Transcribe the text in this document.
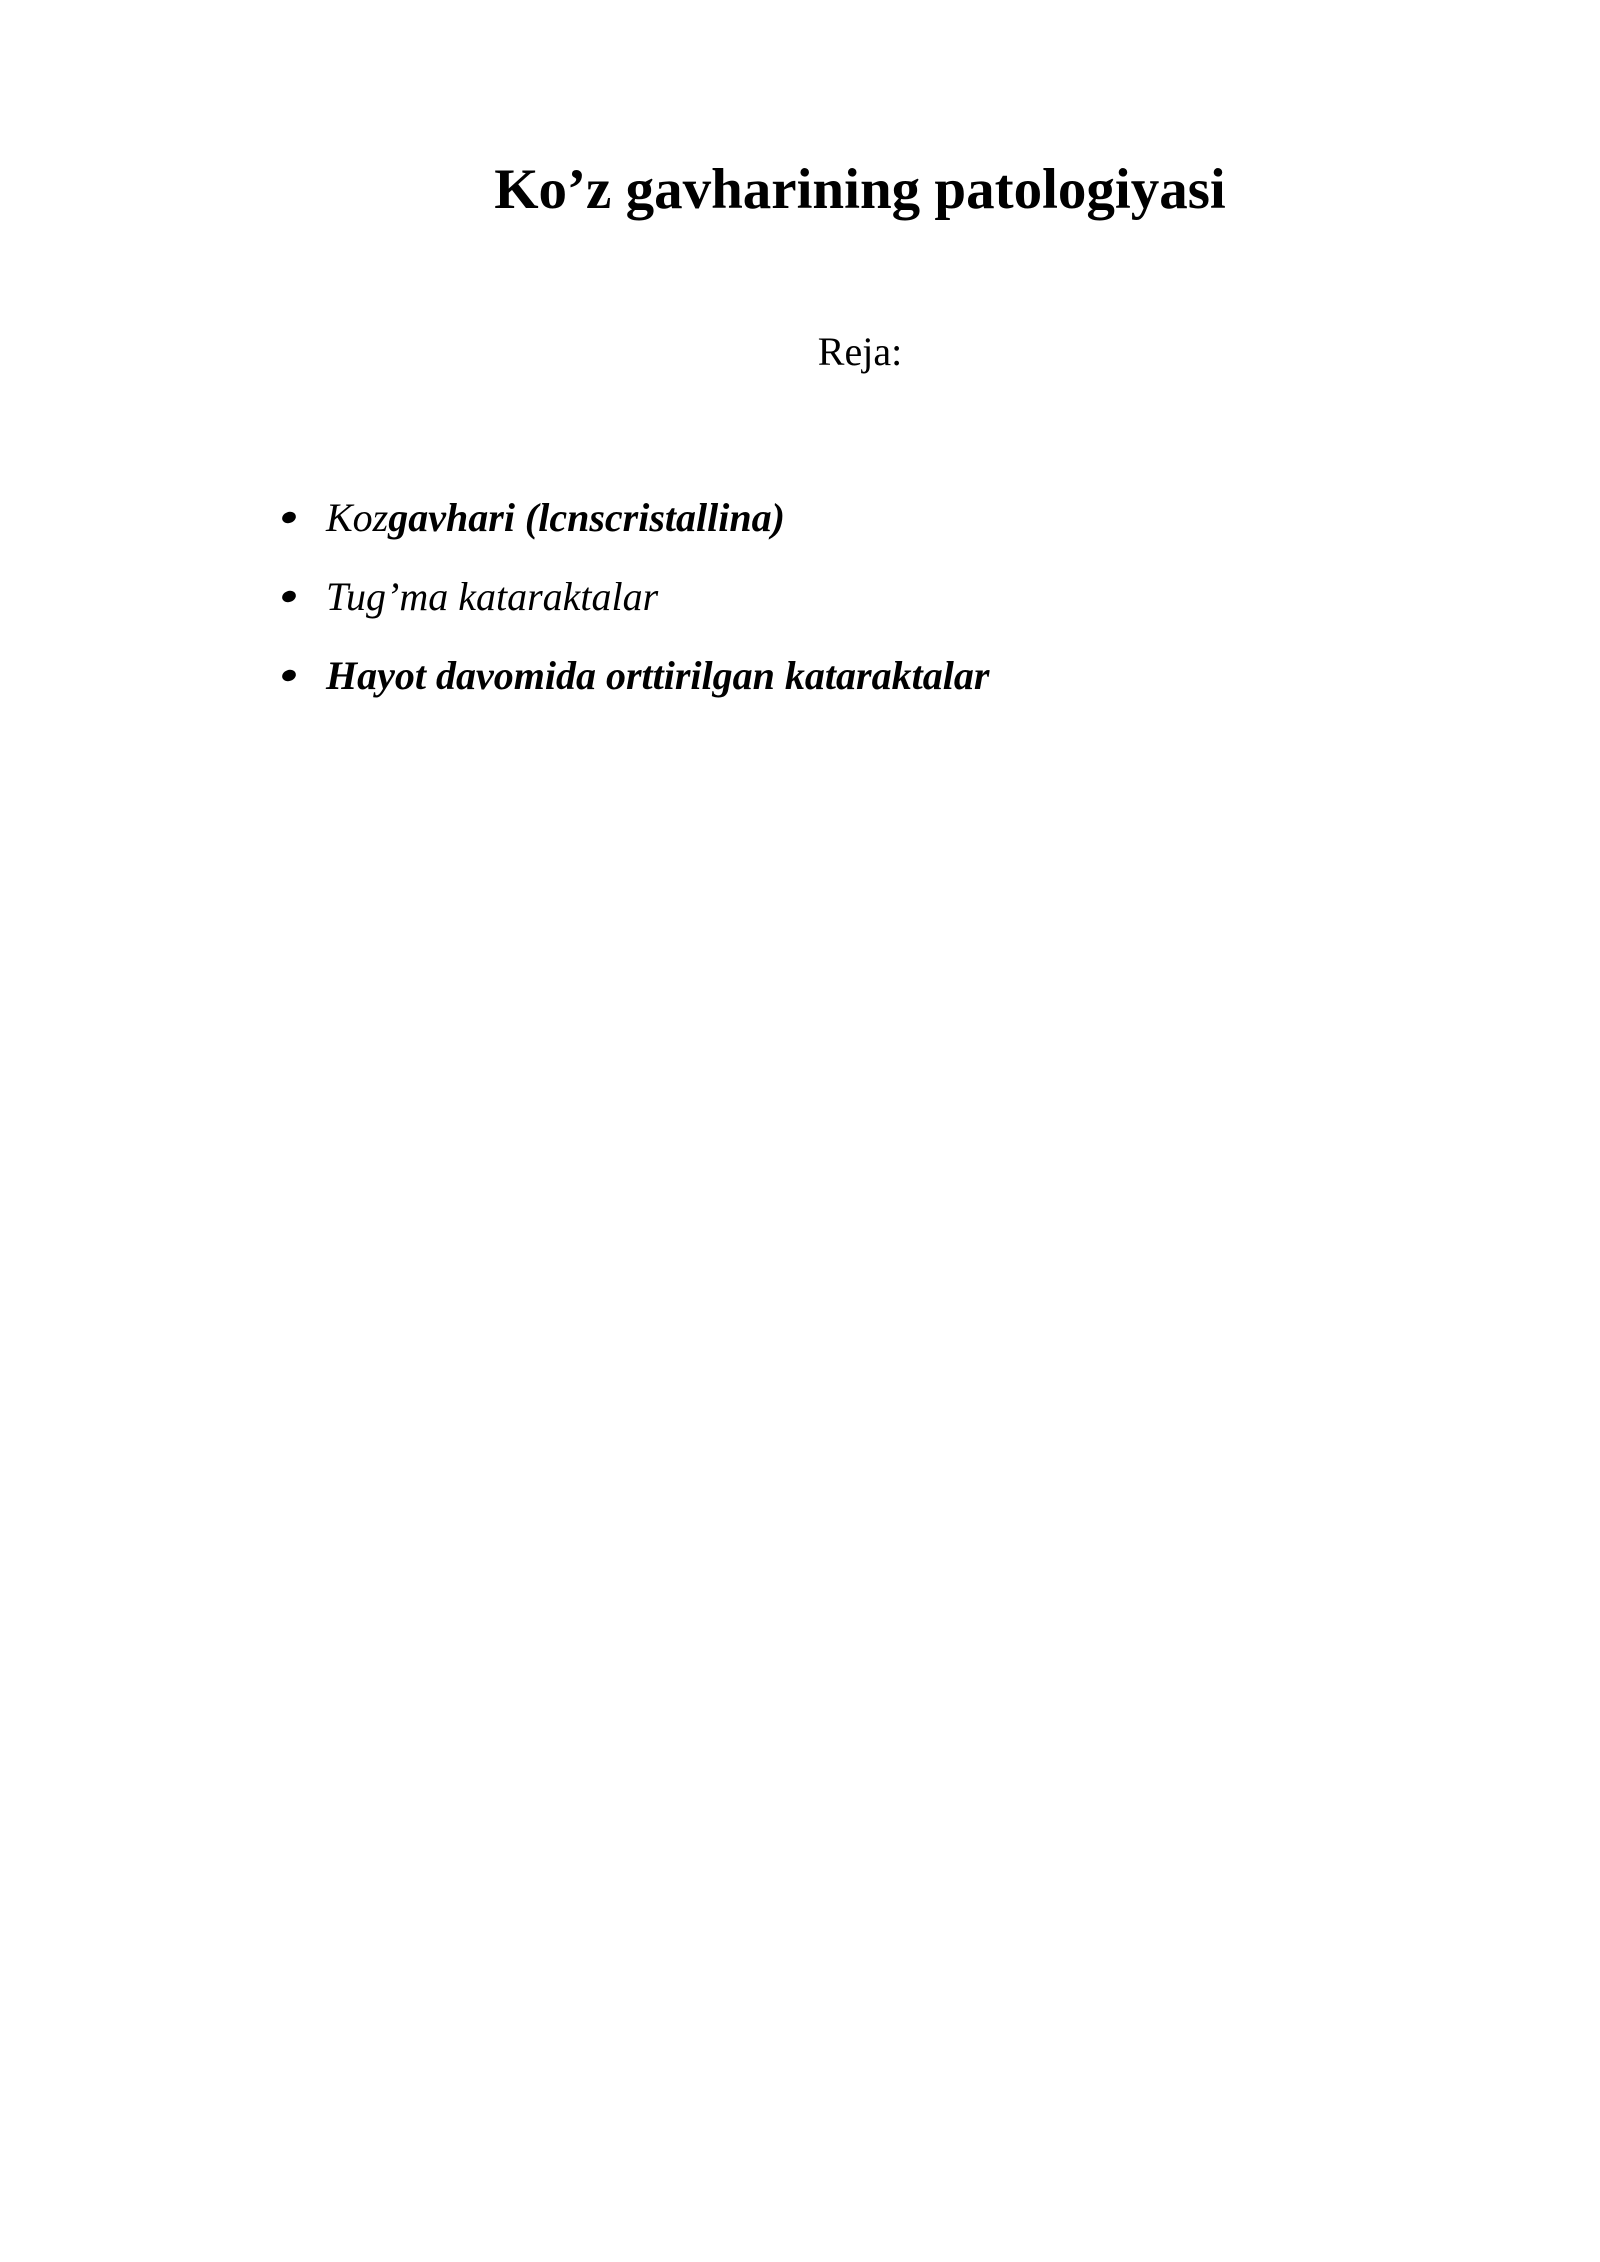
Ko’z gavharining patologiyasi
Reja:
Koz gavhari (lcnscristallina)
Tug’ma kataraktalar
Hayot davomida orttirilgan kataraktalar
